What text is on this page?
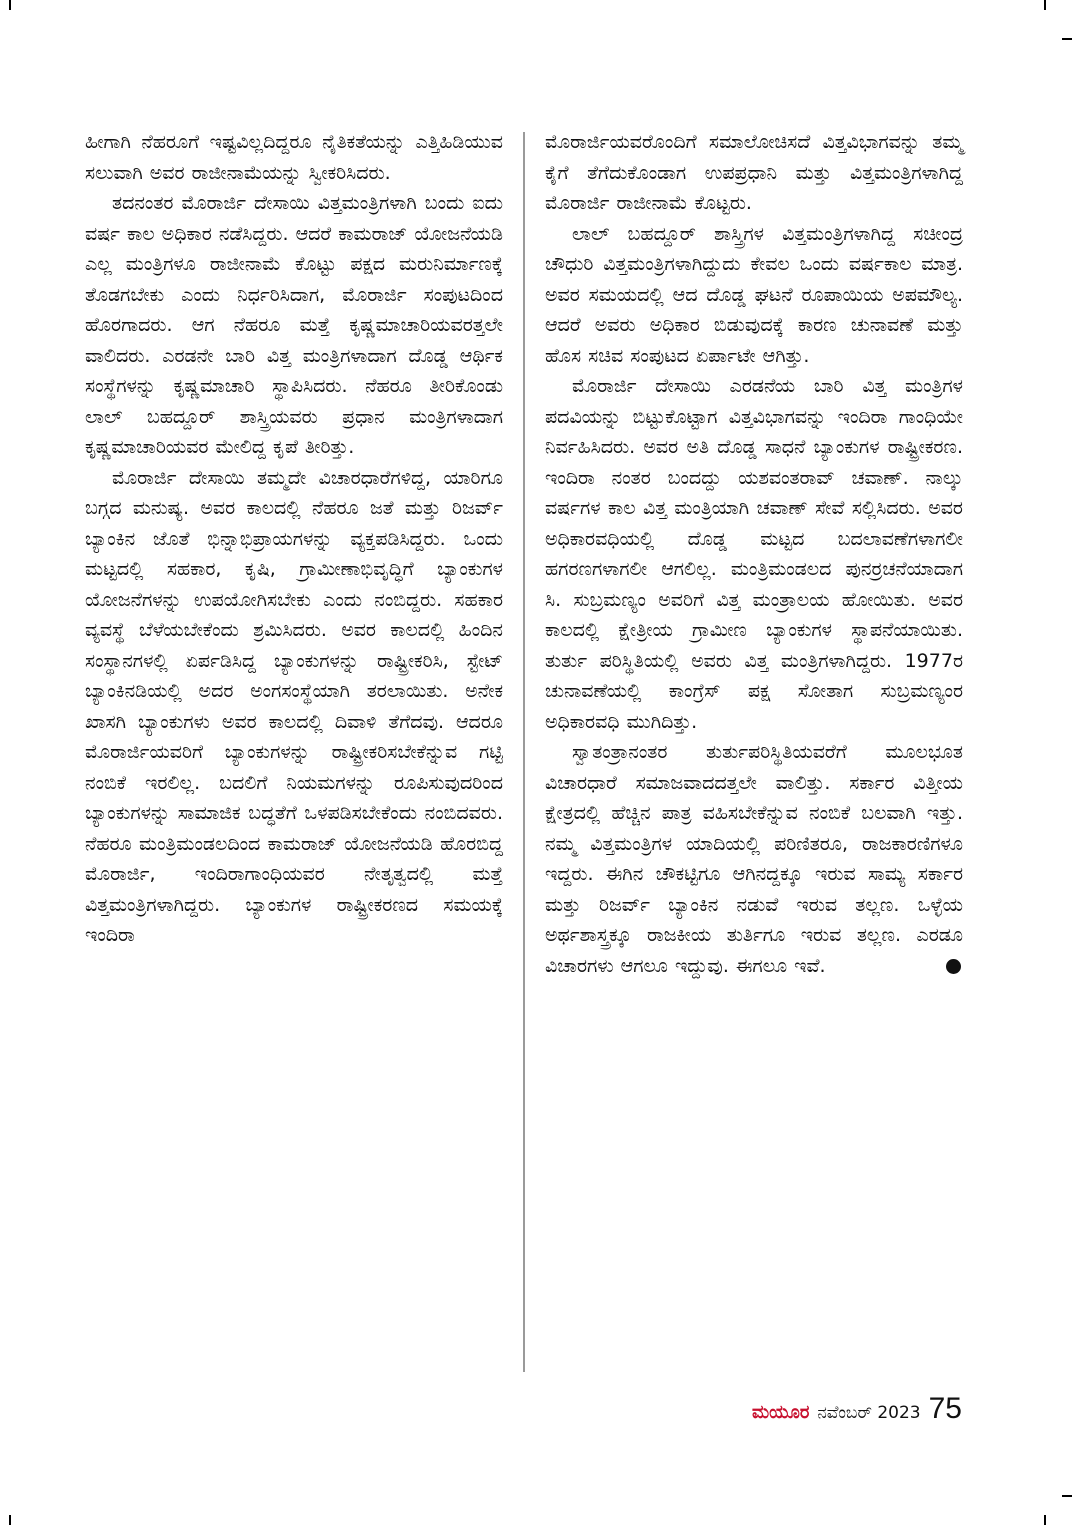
ಹೀಗಾಗಿ ನೆಹರೂಗೆ ಇಷ್ಟವಿಲ್ಲದಿದ್ದರೂ ನೈತಿಕತೆಯನ್ನು ಎತ್ತಿಹಿಡಿಯುವ ಸಲುವಾಗಿ ಅವರ ರಾಜೀನಾಮೆಯನ್ನು ಸ್ವೀಕರಿಸಿದರು.

ತದನಂತರ ಮೊರಾರ್ಜಿ ದೇಸಾಯಿ ವಿತ್ತಮಂತ್ರಿಗಳಾಗಿ ಬಂದು ಐದು ವರ್ಷ ಕಾಲ ಅಧಿಕಾರ ನಡೆಸಿದ್ದರು. ಆದರೆ ಕಾಮರಾಜ್ ಯೋಜನೆಯಡಿ ಎಲ್ಲ ಮಂತ್ರಿಗಳೂ ರಾಜೀನಾಮೆ ಕೊಟ್ಟು ಪಕ್ಷದ ಮರುನಿರ್ಮಾಣಕ್ಕೆ ತೊಡಗಬೇಕು ಎಂದು ನಿರ್ಧರಿಸಿದಾಗ, ಮೊರಾರ್ಜಿ ಸಂಪುಟದಿಂದ ಹೊರಗಾದರು. ಆಗ ನೆಹರೂ ಮತ್ತೆ ಕೃಷ್ಣಮಾಚಾರಿಯವರತ್ತಲೇ ವಾಲಿದರು. ಎರಡನೇ ಬಾರಿ ವಿತ್ತ ಮಂತ್ರಿಗಳಾದಾಗ ದೊಡ್ಡ ಆರ್ಥಿಕ ಸಂಸ್ಥೆಗಳನ್ನು ಕೃಷ್ಣಮಾಚಾರಿ ಸ್ಥಾಪಿಸಿದರು. ನೆಹರೂ ತೀರಿಕೊಂಡು ಲಾಲ್ ಬಹದ್ದೂರ್ ಶಾಸ್ತ್ರಿಯವರು ಪ್ರಧಾನ ಮಂತ್ರಿಗಳಾದಾಗ ಕೃಷ್ಣಮಾಚಾರಿಯವರ ಮೇಲಿದ್ದ ಕೃಪೆ ತೀರಿತ್ತು.

ಮೊರಾರ್ಜಿ ದೇಸಾಯಿ ತಮ್ಮದೇ ವಿಚಾರಧಾರೆಗಳಿದ್ದ, ಯಾರಿಗೂ ಬಗ್ಗದ ಮನುಷ್ಯ. ಅವರ ಕಾಲದಲ್ಲಿ ನೆಹರೂ ಜತೆ ಮತ್ತು ರಿಜರ್ವ್ ಬ್ಯಾಂಕಿನ ಜೊತೆ ಭಿನ್ನಾಭಿಪ್ರಾಯಗಳನ್ನು ವ್ಯಕ್ತಪಡಿಸಿದ್ದರು. ಒಂದು ಮಟ್ಟದಲ್ಲಿ ಸಹಕಾರ, ಕೃಷಿ, ಗ್ರಾಮೀಣಾಭಿವೃದ್ಧಿಗೆ ಬ್ಯಾಂಕುಗಳ ಯೋಜನೆಗಳನ್ನು ಉಪಯೋಗಿಸಬೇಕು ಎಂದು ನಂಬಿದ್ದರು. ಸಹಕಾರ ವ್ಯವಸ್ಥೆ ಬೆಳೆಯಬೇಕೆಂದು ಶ್ರಮಿಸಿದರು. ಅವರ ಕಾಲದಲ್ಲಿ ಹಿಂದಿನ ಸಂಸ್ಥಾನಗಳಲ್ಲಿ ಏರ್ಪಡಿಸಿದ್ದ ಬ್ಯಾಂಕುಗಳನ್ನು ರಾಷ್ಟ್ರೀಕರಿಸಿ, ಸ್ಟೇಟ್ ಬ್ಯಾಂಕಿನಡಿಯಲ್ಲಿ ಅದರ ಅಂಗಸಂಸ್ಥೆಯಾಗಿ ತರಲಾಯಿತು. ಅನೇಕ ಖಾಸಗಿ ಬ್ಯಾಂಕುಗಳು ಅವರ ಕಾಲದಲ್ಲಿ ದಿವಾಳಿ ತೆಗೆದವು. ಆದರೂ ಮೊರಾರ್ಜಿಯವರಿಗೆ ಬ್ಯಾಂಕುಗಳನ್ನು ರಾಷ್ಟ್ರೀಕರಿಸಬೇಕೆನ್ನುವ ಗಟ್ಟಿ ನಂಬಿಕೆ ಇರಲಿಲ್ಲ. ಬದಲಿಗೆ ನಿಯಮಗಳನ್ನು ರೂಪಿಸುವುದರಿಂದ ಬ್ಯಾಂಕುಗಳನ್ನು ಸಾಮಾಜಿಕ ಬದ್ಧತೆಗೆ ಒಳಪಡಿಸಬೇಕೆಂದು ನಂಬಿದವರು. ನೆಹರೂ ಮಂತ್ರಿಮಂಡಲದಿಂದ ಕಾಮರಾಜ್ ಯೋಜನೆಯಡಿ ಹೊರಬಿದ್ದ ಮೊರಾರ್ಜಿ, ಇಂದಿರಾಗಾಂಧಿಯವರ ನೇತೃತ್ವದಲ್ಲಿ ಮತ್ತೆ ವಿತ್ತಮಂತ್ರಿಗಳಾಗಿದ್ದರು. ಬ್ಯಾಂಕುಗಳ ರಾಷ್ಟ್ರೀಕರಣದ ಸಮಯಕ್ಕೆ ಇಂದಿರಾ

ಮೊರಾರ್ಜಿಯವರೊಂದಿಗೆ ಸಮಾಲೋಚಿಸದೆ ವಿತ್ತವಿಭಾಗವನ್ನು ತಮ್ಮ ಕೈಗೆ ತೆಗೆದುಕೊಂಡಾಗ ಉಪಪ್ರಧಾನಿ ಮತ್ತು ವಿತ್ತಮಂತ್ರಿಗಳಾಗಿದ್ದ ಮೊರಾರ್ಜಿ ರಾಜೀನಾಮೆ ಕೊಟ್ಟರು.

ಲಾಲ್ ಬಹದ್ದೂರ್ ಶಾಸ್ತ್ರಿಗಳ ವಿತ್ತಮಂತ್ರಿಗಳಾಗಿದ್ದ ಸಚೀಂದ್ರ ಚೌಧುರಿ ವಿತ್ತಮಂತ್ರಿಗಳಾಗಿದ್ದುದು ಕೇವಲ ಒಂದು ವರ್ಷಕಾಲ ಮಾತ್ರ. ಅವರ ಸಮಯದಲ್ಲಿ ಆದ ದೊಡ್ಡ ಘಟನೆ ರೂಪಾಯಿಯ ಅಪಮೌಲ್ಯ. ಆದರೆ ಅವರು ಅಧಿಕಾರ ಬಿಡುವುದಕ್ಕೆ ಕಾರಣ ಚುನಾವಣೆ ಮತ್ತು ಹೊಸ ಸಚಿವ ಸಂಪುಟದ ಏರ್ಪಾಟೇ ಆಗಿತ್ತು.

ಮೊರಾರ್ಜಿ ದೇಸಾಯಿ ಎರಡನೆಯ ಬಾರಿ ವಿತ್ತ ಮಂತ್ರಿಗಳ ಪದವಿಯನ್ನು ಬಿಟ್ಟುಕೊಟ್ಟಾಗ ವಿತ್ತವಿಭಾಗವನ್ನು ಇಂದಿರಾ ಗಾಂಧಿಯೇ ನಿರ್ವಹಿಸಿದರು. ಅವರ ಅತಿ ದೊಡ್ಡ ಸಾಧನೆ ಬ್ಯಾಂಕುಗಳ ರಾಷ್ಟ್ರೀಕರಣ. ಇಂದಿರಾ ನಂತರ ಬಂದದ್ದು ಯಶವಂತರಾವ್ ಚವಾಣ್. ನಾಲ್ಕು ವರ್ಷಗಳ ಕಾಲ ವಿತ್ತ ಮಂತ್ರಿಯಾಗಿ ಚವಾಣ್ ಸೇವೆ ಸಲ್ಲಿಸಿದರು. ಅವರ ಅಧಿಕಾರವಧಿಯಲ್ಲಿ ದೊಡ್ಡ ಮಟ್ಟದ ಬದಲಾವಣೆಗಳಾಗಲೀ ಹಗರಣಗಳಾಗಲೀ ಆಗಲಿಲ್ಲ. ಮಂತ್ರಿಮಂಡಲದ ಪುನರ್ರಚನೆಯಾದಾಗ ಸಿ. ಸುಬ್ರಮಣ್ಯಂ ಅವರಿಗೆ ವಿತ್ತ ಮಂತ್ರಾಲಯ ಹೋಯಿತು. ಅವರ ಕಾಲದಲ್ಲಿ ಕ್ಷೇತ್ರೀಯ ಗ್ರಾಮೀಣ ಬ್ಯಾಂಕುಗಳ ಸ್ಥಾಪನೆಯಾಯಿತು. ತುರ್ತು ಪರಿಸ್ಥಿತಿಯಲ್ಲಿ ಅವರು ವಿತ್ತ ಮಂತ್ರಿಗಳಾಗಿದ್ದರು. 1977ರ ಚುನಾವಣೆಯಲ್ಲಿ ಕಾಂಗ್ರೆಸ್ ಪಕ್ಷ ಸೋತಾಗ ಸುಬ್ರಮಣ್ಯಂರ ಅಧಿಕಾರವಧಿ ಮುಗಿದಿತ್ತು.

ಸ್ವಾತಂತ್ರಾನಂತರ ತುರ್ತುಪರಿಸ್ಥಿತಿಯವರೆಗೆ ಮೂಲಭೂತ ವಿಚಾರಧಾರೆ ಸಮಾಜವಾದದತ್ತಲೇ ವಾಲಿತ್ತು. ಸರ್ಕಾರ ವಿತ್ತೀಯ ಕ್ಷೇತ್ರದಲ್ಲಿ ಹೆಚ್ಚಿನ ಪಾತ್ರ ವಹಿಸಬೇಕೆನ್ನುವ ನಂಬಿಕೆ ಬಲವಾಗಿ ಇತ್ತು. ನಮ್ಮ ವಿತ್ತಮಂತ್ರಿಗಳ ಯಾದಿಯಲ್ಲಿ ಪರಿಣಿತರೂ, ರಾಜಕಾರಣಿಗಳೂ ಇದ್ದರು. ಈಗಿನ ಚೌಕಟ್ಟಿಗೂ ಆಗಿನದ್ದಕ್ಕೂ ಇರುವ ಸಾಮ್ಯ ಸರ್ಕಾರ ಮತ್ತು ರಿಜರ್ವ್ ಬ್ಯಾಂಕಿನ ನಡುವೆ ಇರುವ ತಲ್ಲಣ. ಒಳ್ಳೆಯ ಅರ್ಥಶಾಸ್ತ್ರಕ್ಕೂ ರಾಜಕೀಯ ತುರ್ತಿಗೂ ಇರುವ ತಲ್ಲಣ. ಎರಡೂ ವಿಚಾರಗಳು ಆಗಲೂ ಇದ್ದುವು. ಈಗಲೂ ಇವೆ.

ಮಯೂರ ನವೆಂಬರ್ 2023 75
